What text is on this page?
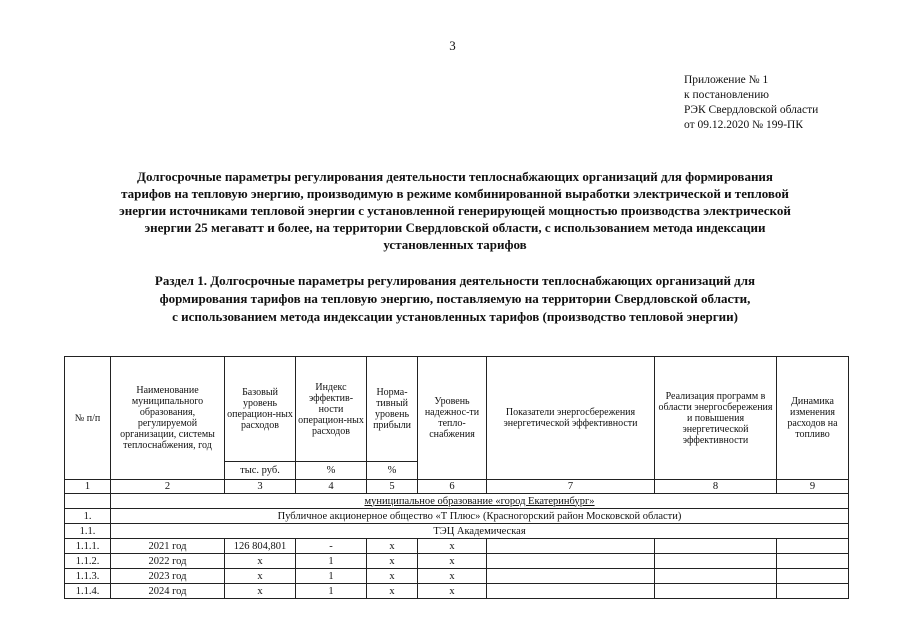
3
Приложение № 1
к постановлению
РЭК Свердловской области
от 09.12.2020 № 199-ПК
Долгосрочные параметры регулирования деятельности теплоснабжающих организаций для формирования
тарифов на тепловую энергию, производимую в режиме комбинированной выработки электрической и тепловой
энергии источниками тепловой энергии с установленной генерирующей мощностью производства электрической
энергии 25 мегаватт и более, на территории Свердловской области, с использованием метода индексации
установленных тарифов
Раздел 1. Долгосрочные параметры регулирования деятельности теплоснабжающих организаций для
формирования тарифов на тепловую энергию, поставляемую на территории Свердловской области,
с использованием метода индексации установленных тарифов (производство тепловой энергии)
№ п/п	Наименование муниципального образования, регулируемой организации, системы теплоснабжения, год	Базовый уровень операцион-ных расходов	Индекс эффектив-ности операцион-ных расходов	Норма-тивный уровень прибыли	Уровень надежнос-ти тепло-снабжения	Показатели энергосбережения энергетической эффективности	Реализация программ в области энергосбережения и повышения энергетической эффективности	Динамика изменения расходов на топливо
		тыс. руб.	%	%				
1	2	3	4	5	6	7	8	9
	муниципальное образование «город Екатеринбург»							
1.	Публичное акционерное общество «Т Плюс» (Красногорский район Московской области)							
1.1.	ТЭЦ Академическая							
1.1.1.	2021 год	126 804,801	-	x	x			
1.1.2.	2022 год	x	1	x	x			
1.1.3.	2023 год	x	1	x	x			
1.1.4.	2024 год	x	1	x	x			
